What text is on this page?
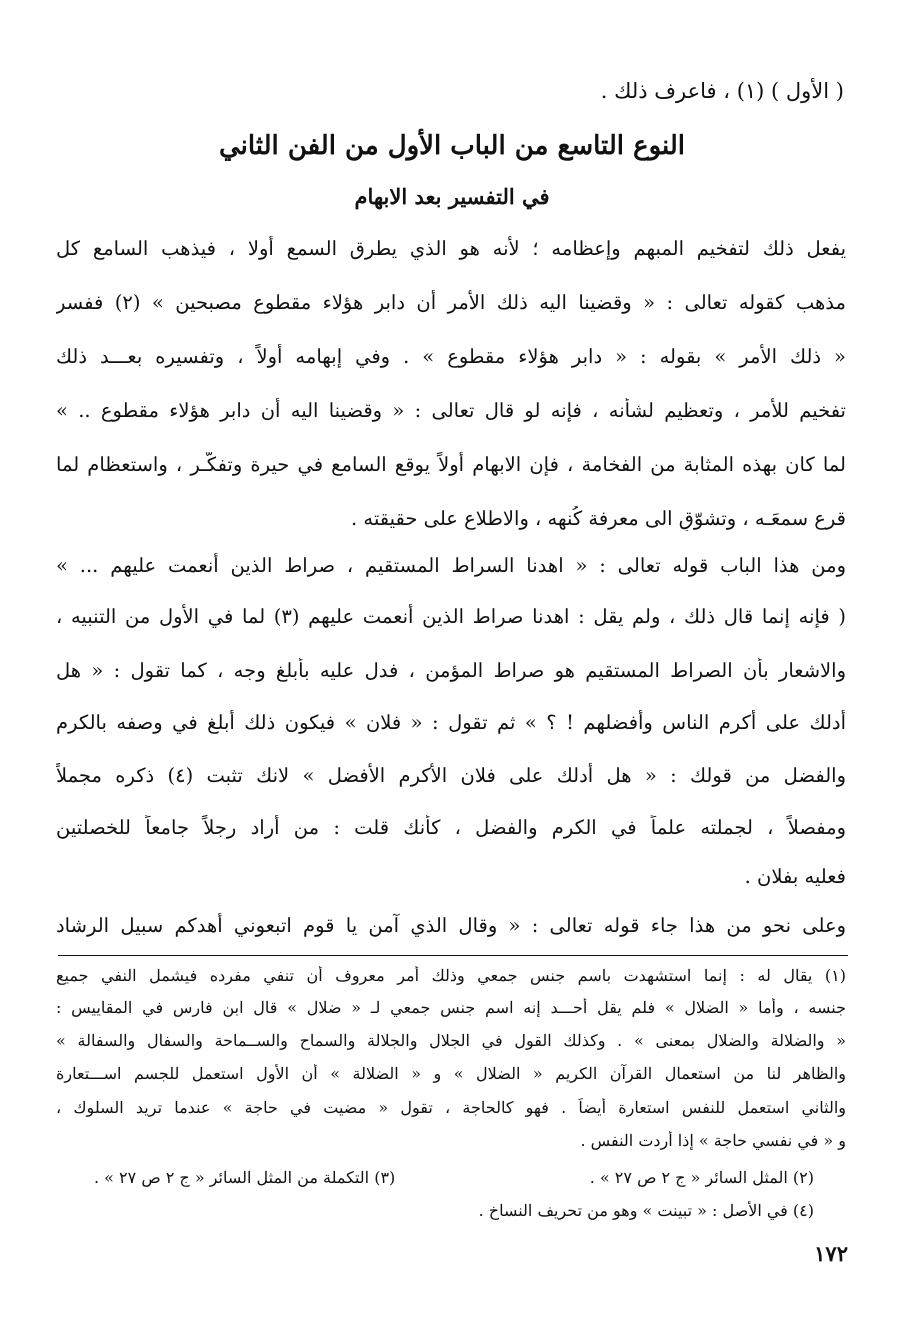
( الأول ) (١) ، فاعرف ذلك .

النوع التاسع من الباب الأول من الفن الثاني
في التفسير بعد الابهام

يفعل ذلك لتفخيم المبهم وإعظامه ؛ لأنه هو الذي يطرق السمع أولا ، فيذهب السامع كل

مذهب كقوله تعالى : « وقضينا اليه ذلك الأمر أن دابر هؤلاء مقطوع مصبحين » (٢) ففسر

« ذلك الأمر » بقوله : « دابر هؤلاء مقطوع » . وفي إبهامه أولاً ، وتفسيره بعـــد ذلك

تفخيم للأمر ، وتعظيم لشأنه ، فإنه لو قال تعالى : « وقضينا اليه أن دابر هؤلاء مقطوع .. »

لما كان بهذه المثابة من الفخامة ، فإن الابهام أولاً يوقع السامع في حيرة وتفكّـر ، واستعظام لما

قرع سمعَـه ، وتشوّقٍ الى معرفة كُنهه ، والاطلاع على حقيقته .

ومن هذا الباب قوله تعالى : « اهدنا السراط المستقيم ، صراط الذين أنعمت عليهم ... »

( فإنه إنما قال ذلك ، ولم يقل : اهدنا صراط الذين أنعمت عليهم (٣) لما في الأول من التنبيه ،

والاشعار بأن الصراط المستقيم هو صراط المؤمن ، فدل عليه بأبلغ وجه ، كما تقول : « هل

أدلك على أكرم الناس وأفضلهم ! ؟ » ثم تقول : « فلان » فيكون ذلك أبلغ في وصفه بالكرم

والفضل من قولك : « هل أدلك على فلان الأكرم الأفضل » لانك تثبت (٤) ذكره مجملاً

ومفصلاً ، لجملته علماً في الكرم والفضل ، كأنك قلت : من أراد رجلاً جامعاً للخصلتين

فعليه بفلان .

وعلى نحو من هذا جاء قوله تعالى : « وقال الذي آمن يا قوم اتبعوني أهدكم سبيل الرشاد

(١) يقال له : إنما استشهدت باسم جنس جمعي وذلك أمر معروف أن تنفي مفرده فيشمل النفي جميع

جنسه ، وأما « الضلال » فلم يقل أحـــد إنه اسم جنس جمعي لـ « ضلال » قال ابن فارس في المقاييس :

« والضلالة والضلال بمعنى » . وكذلك القول في الجلال والجلالة والسماح والســماحة والسفال والسفالة »

والظاهر لنا من استعمال القرآن الكريم « الضلال » و « الضلالة » أن الأول استعمل للجسم اســـتعارة

والثاني استعمل للنفس استعارة أيضاً . فهو كالحاجة ، تقول « مضيت في حاجة » عندما تريد السلوك ،

و « في نفسي حاجة » إذا أردت النفس .

(٢) المثل السائر « ج ٢ ص ٢٧ » .
(٣) التكملة من المثل السائر « ج ٢ ص ٢٧ » .

(٤) في الأصل : « تبينت » وهو من تحريف النساخ .

١٧٢
